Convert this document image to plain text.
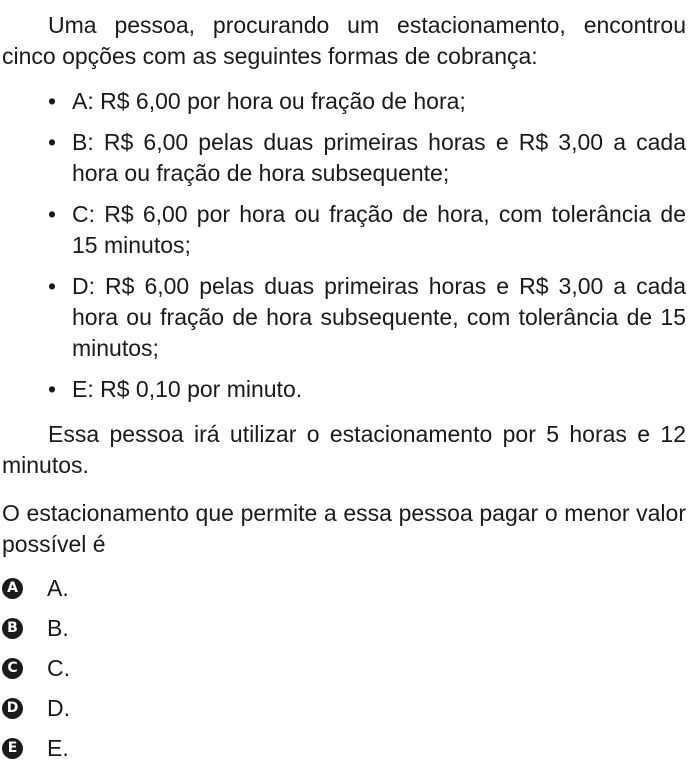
Uma pessoa, procurando um estacionamento, encontrou cinco opções com as seguintes formas de cobrança:

• A: R$ 6,00 por hora ou fração de hora;
• B: R$ 6,00 pelas duas primeiras horas e R$ 3,00 a cada hora ou fração de hora subsequente;
• C: R$ 6,00 por hora ou fração de hora, com tolerância de 15 minutos;
• D: R$ 6,00 pelas duas primeiras horas e R$ 3,00 a cada hora ou fração de hora subsequente, com tolerância de 15 minutos;
• E: R$ 0,10 por minuto.

Essa pessoa irá utilizar o estacionamento por 5 horas e 12 minutos.

O estacionamento que permite a essa pessoa pagar o menor valor possível é

A A.
B B.
C C.
D D.
E E.
